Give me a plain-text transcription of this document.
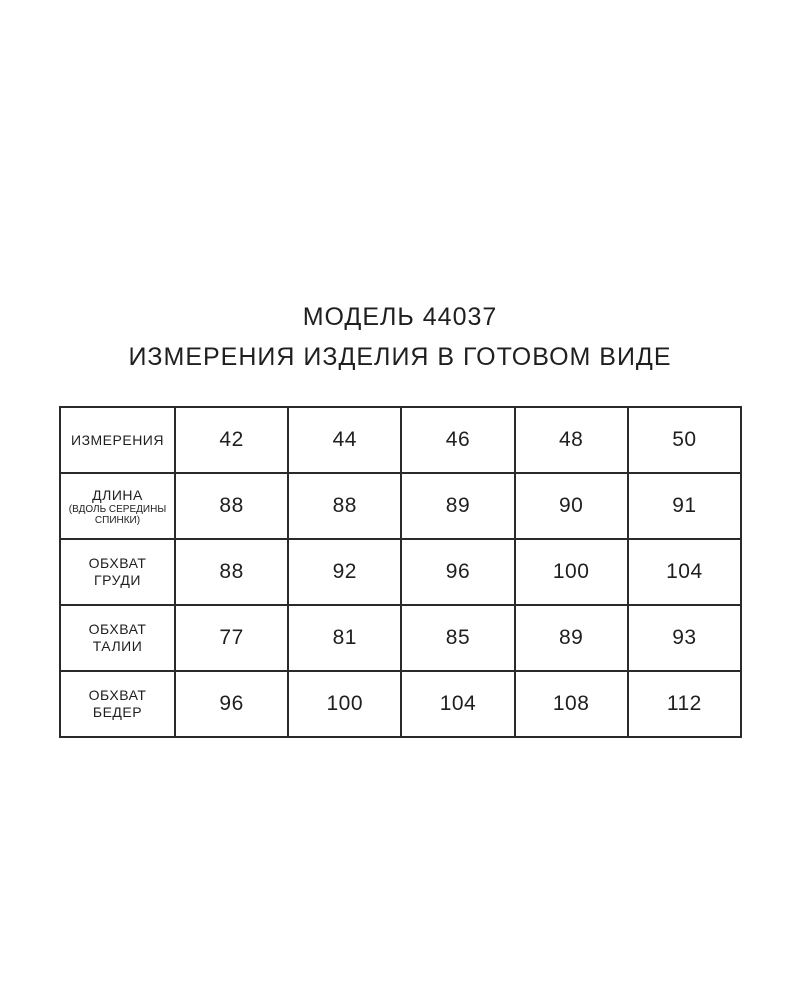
МОДЕЛЬ 44037
ИЗМЕРЕНИЯ ИЗДЕЛИЯ В ГОТОВОМ ВИДЕ
ИЗМЕРЕНИЯ	42	44	46	48	50
ДЛИНА
(ВДОЛЬ СЕРЕДИНЫ СПИНКИ)	88	88	89	90	91
ОБХВАТ
ГРУДИ	88	92	96	100	104
ОБХВАТ
ТАЛИИ	77	81	85	89	93
ОБХВАТ
БЕДЕР	96	100	104	108	112
